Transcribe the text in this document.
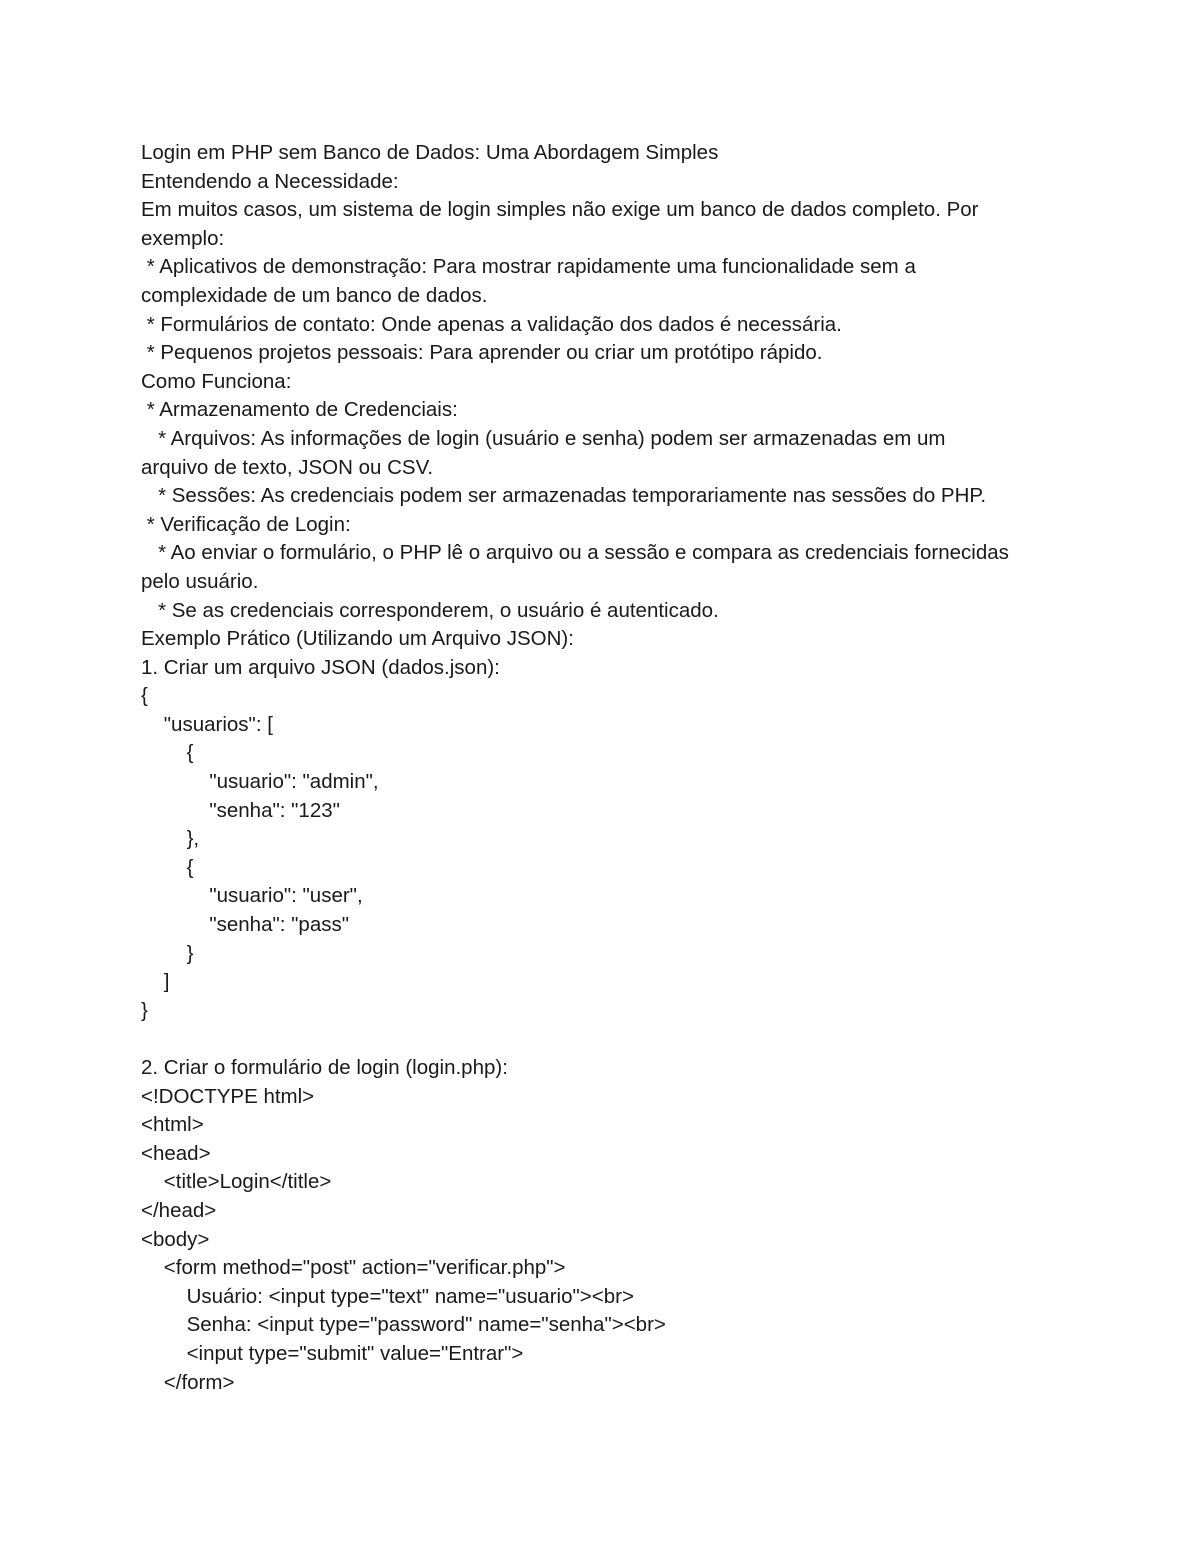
Login em PHP sem Banco de Dados: Uma Abordagem Simples
Entendendo a Necessidade:
Em muitos casos, um sistema de login simples não exige um banco de dados completo. Por
exemplo:
* Aplicativos de demonstração: Para mostrar rapidamente uma funcionalidade sem a
complexidade de um banco de dados.
* Formulários de contato: Onde apenas a validação dos dados é necessária.
* Pequenos projetos pessoais: Para aprender ou criar um protótipo rápido.
Como Funciona:
* Armazenamento de Credenciais:
* Arquivos: As informações de login (usuário e senha) podem ser armazenadas em um
arquivo de texto, JSON ou CSV.
* Sessões: As credenciais podem ser armazenadas temporariamente nas sessões do PHP.
* Verificação de Login:
* Ao enviar o formulário, o PHP lê o arquivo ou a sessão e compara as credenciais fornecidas
pelo usuário.
* Se as credenciais corresponderem, o usuário é autenticado.
Exemplo Prático (Utilizando um Arquivo JSON):
1. Criar um arquivo JSON (dados.json):
{
"usuarios": [
{
"usuario": "admin",
"senha": "123"
},
{
"usuario": "user",
"senha": "pass"
}
]
}
2. Criar o formulário de login (login.php):
<!DOCTYPE html>
<html>
<head>
<title>Login</title>
</head>
<body>
<form method="post" action="verificar.php">
Usuário: <input type="text" name="usuario"><br>
Senha: <input type="password" name="senha"><br>
<input type="submit" value="Entrar">
</form>
